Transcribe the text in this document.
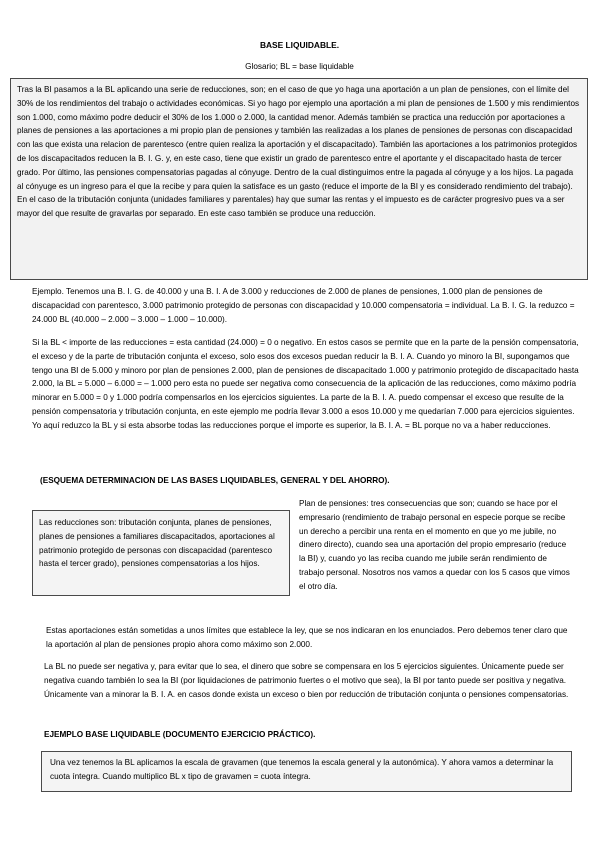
BASE LIQUIDABLE.
Glosario; BL = base liquidable

Tras la BI pasamos a la BL aplicando una serie de reducciones, son; en el caso de que yo haga una aportación a un plan de pensiones, con el límite del 30% de los rendimientos del trabajo o actividades económicas. Si yo hago por ejemplo una aportación a mi plan de pensiones de 1.500 y mis rendimientos son 1.000, como máximo podre deducir el 30% de los 1.000 o 2.000, la cantidad menor. Además también se practica una reducción por aportaciones a planes de pensiones a las aportaciones a mi propio plan de pensiones y también las realizadas a los planes de pensiones de personas con discapacidad con las que exista una relacion de parentesco (entre quien realiza la aportación y el discapacitado). También las aportaciones a los patrimonios protegidos de los discapacitados reducen la B. I. G. y, en este caso, tiene que existir un grado de parentesco entre el aportante y el discapacitado hasta de tercer grado. Por último, las pensiones compensatorias pagadas al cónyuge. Dentro de la cual distinguimos entre la pagada al cónyuge y a los hijos. La pagada al cónyuge es un ingreso para el que la recibe y para quien la satisface es un gasto (reduce el importe de la BI y es considerado rendimiento del trabajo). En el caso de la tributación conjunta (unidades familiares y parentales) hay que sumar las rentas y el impuesto es de carácter progresivo pues va a ser mayor del que resulte de gravarlas por separado. En este caso también se produce una reducción.

Ejemplo. Tenemos una B. I. G. de 40.000 y una B. I. A de 3.000 y reducciones de 2.000 de planes de pensiones, 1.000 plan de pensiones de discapacidad con parentesco, 3.000 patrimonio protegido de personas con discapacidad y 10.000 compensatoria = individual. La B. I. G. la reduzco = 24.000 BL (40.000 – 2.000 – 3.000 – 1.000 – 10.000).

Si la BL < importe de las reducciones = esta cantidad (24.000) = 0 o negativo. En estos casos se permite que en la parte de la pensión compensatoria, el exceso y de la parte de tributación conjunta el exceso, solo esos dos excesos puedan reducir la B. I. A. Cuando yo minoro la BI, supongamos que tengo una BI de 5.000 y minoro por plan de pensiones 2.000, plan de pensiones de discapacitado 1.000 y patrimonio protegido de discapacitado hasta 2.000, la BL = 5.000 – 6.000 = – 1.000 pero esta no puede ser negativa como consecuencia de la aplicación de las reducciones, como máximo podría minorar en 5.000 = 0 y 1.000 podría compensarlos en los ejercicios siguientes. La parte de la B. I. A. puedo compensar el exceso que resulte de la pensión compensatoria y tributación conjunta, en este ejemplo me podría llevar 3.000 a esos 10.000 y me quedarían 7.000 para ejercicios siguientes. Yo aquí reduzco la BL y si esta absorbe todas las reducciones porque el importe es superior, la B. I. A. = BL porque no va a haber reducciones.

(ESQUEMA DETERMINACION DE LAS BASES LIQUIDABLES, GENERAL Y DEL AHORRO).

Las reducciones son: tributación conjunta, planes de pensiones, planes de pensiones a familiares discapacitados, aportaciones al patrimonio protegido de personas con discapacidad (parentesco hasta el tercer grado), pensiones compensatorias a los hijos.

Plan de pensiones: tres consecuencias que son; cuando se hace por el empresario (rendimiento de trabajo personal en especie porque se recibe un derecho a percibir una renta en el momento en que yo me jubile, no dinero directo), cuando sea una aportación del propio empresario (reduce la BI) y, cuando yo las reciba cuando me jubile serán rendimiento de trabajo personal. Nosotros nos vamos a quedar con los 5 casos que vimos el otro día.

Estas aportaciones están sometidas a unos límites que establece la ley, que se nos indicaran en los enunciados. Pero debemos tener claro que la aportación al plan de pensiones propio ahora como máximo son 2.000.

La BL no puede ser negativa y, para evitar que lo sea, el dinero que sobre se compensara en los 5 ejercicios siguientes. Únicamente puede ser negativa cuando también lo sea la BI (por liquidaciones de patrimonio fuertes o el motivo que sea), la BI por tanto puede ser positiva y negativa. Únicamente van a minorar la B. I. A. en casos donde exista un exceso o bien por reducción de tributación conjunta o pensiones compensatorias.

EJEMPLO BASE LIQUIDABLE (DOCUMENTO EJERCICIO PRÁCTICO).

Una vez tenemos la BL aplicamos la escala de gravamen (que tenemos la escala general y la autonómica). Y ahora vamos a determinar la cuota íntegra. Cuando multiplico BL x tipo de gravamen = cuota íntegra.
